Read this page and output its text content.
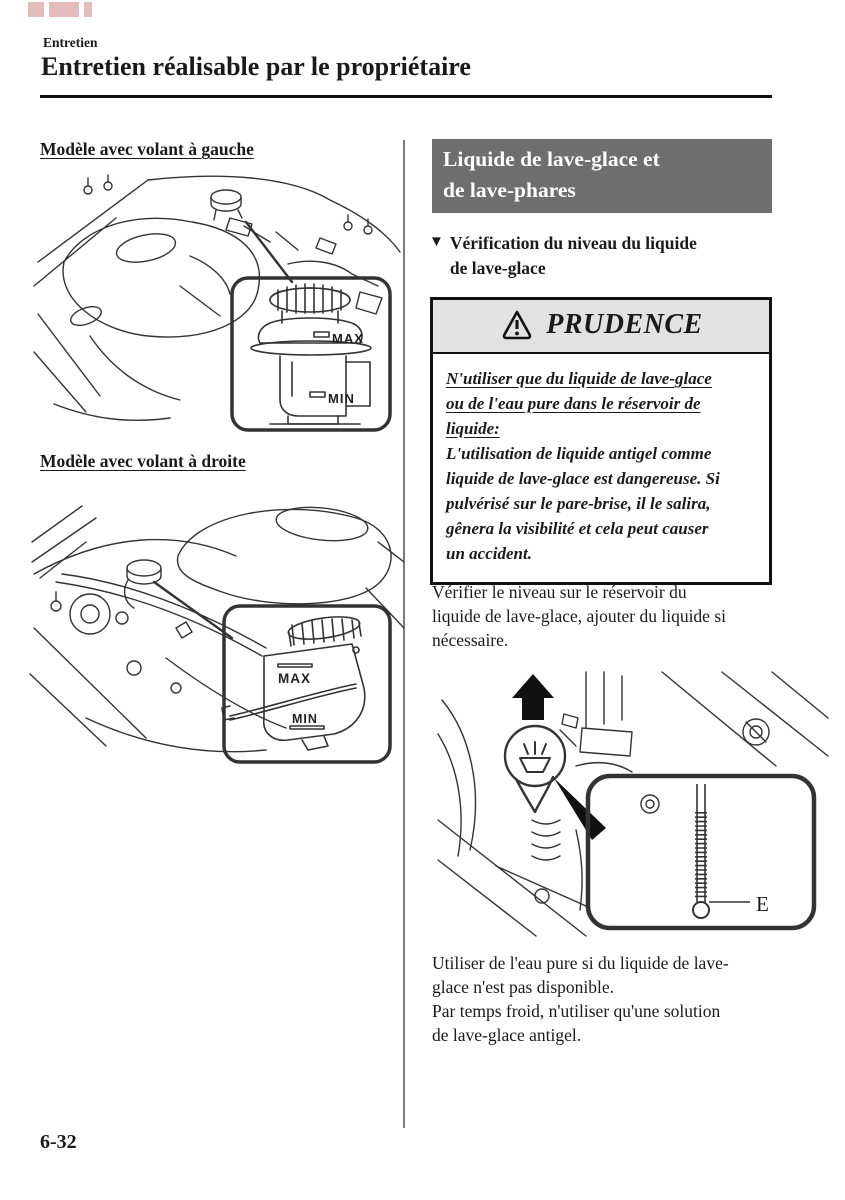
Entretien
Entretien réalisable par le propriétaire
Modèle avec volant à gauche
MAX
MIN
Modèle avec volant à droite
MAX
MIN
Liquide de lave-glace et
de lave-phares
▼ Vérification du niveau du liquide
de lave-glace
PRUDENCE
N'utiliser que du liquide de lave-glace
ou de l'eau pure dans le réservoir de
liquide:
L'utilisation de liquide antigel comme
liquide de lave-glace est dangereuse. Si
pulvérisé sur le pare-brise, il le salira,
gênera la visibilité et cela peut causer
un accident.
Vérifier le niveau sur le réservoir du
liquide de lave-glace, ajouter du liquide si
nécessaire.
E
Utiliser de l'eau pure si du liquide de lave-
glace n'est pas disponible.
Par temps froid, n'utiliser qu'une solution
de lave-glace antigel.
6-32
